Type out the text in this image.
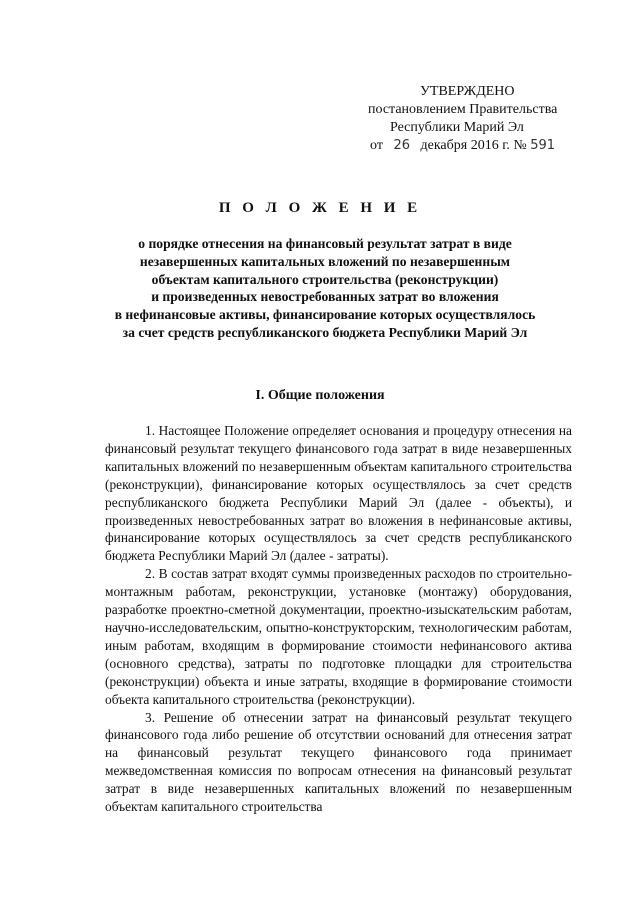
УТВЕРЖДЕНО
постановлением Правительства
Республики Марий Эл
от 26 декабря 2016 г. № 591
П О Л О Ж Е Н И Е
о порядке отнесения на финансовый результат затрат в виде
незавершенных капитальных вложений по незавершенным
объектам капитального строительства (реконструкции)
и произведенных невостребованных затрат во вложения
в нефинансовые активы, финансирование которых осуществлялось
за счет средств республиканского бюджета Республики Марий Эл
I. Общие положения

1. Настоящее Положение определяет основания и процедуру отнесения на финансовый результат текущего финансового года затрат в виде незавершенных капитальных вложений по незавершенным объектам капитального строительства (реконструкции), финансирование которых осуществлялось за счет средств республиканского бюджета Республики Марий Эл (далее - объекты), и произведенных невостребованных затрат во вложения в нефинансовые активы, финансирование которых осуществлялось за счет средств республиканского бюджета Республики Марий Эл (далее - затраты).

2. В состав затрат входят суммы произведенных расходов по строительно-монтажным работам, реконструкции, установке (монтажу) оборудования, разработке проектно-сметной документации, проектно-изыскательским работам, научно-исследовательским, опытно-конструкторским, технологическим работам, иным работам, входящим в формирование стоимости нефинансового актива (основного средства), затраты по подготовке площадки для строительства (реконструкции) объекта и иные затраты, входящие в формирование стоимости объекта капитального строительства (реконструкции).

3. Решение об отнесении затрат на финансовый результат текущего финансового года либо решение об отсутствии оснований для отнесения затрат на финансовый результат текущего финансового года принимает межведомственная комиссия по вопросам отнесения на финансовый результат затрат в виде незавершенных капитальных вложений по незавершенным объектам капитального строительства
